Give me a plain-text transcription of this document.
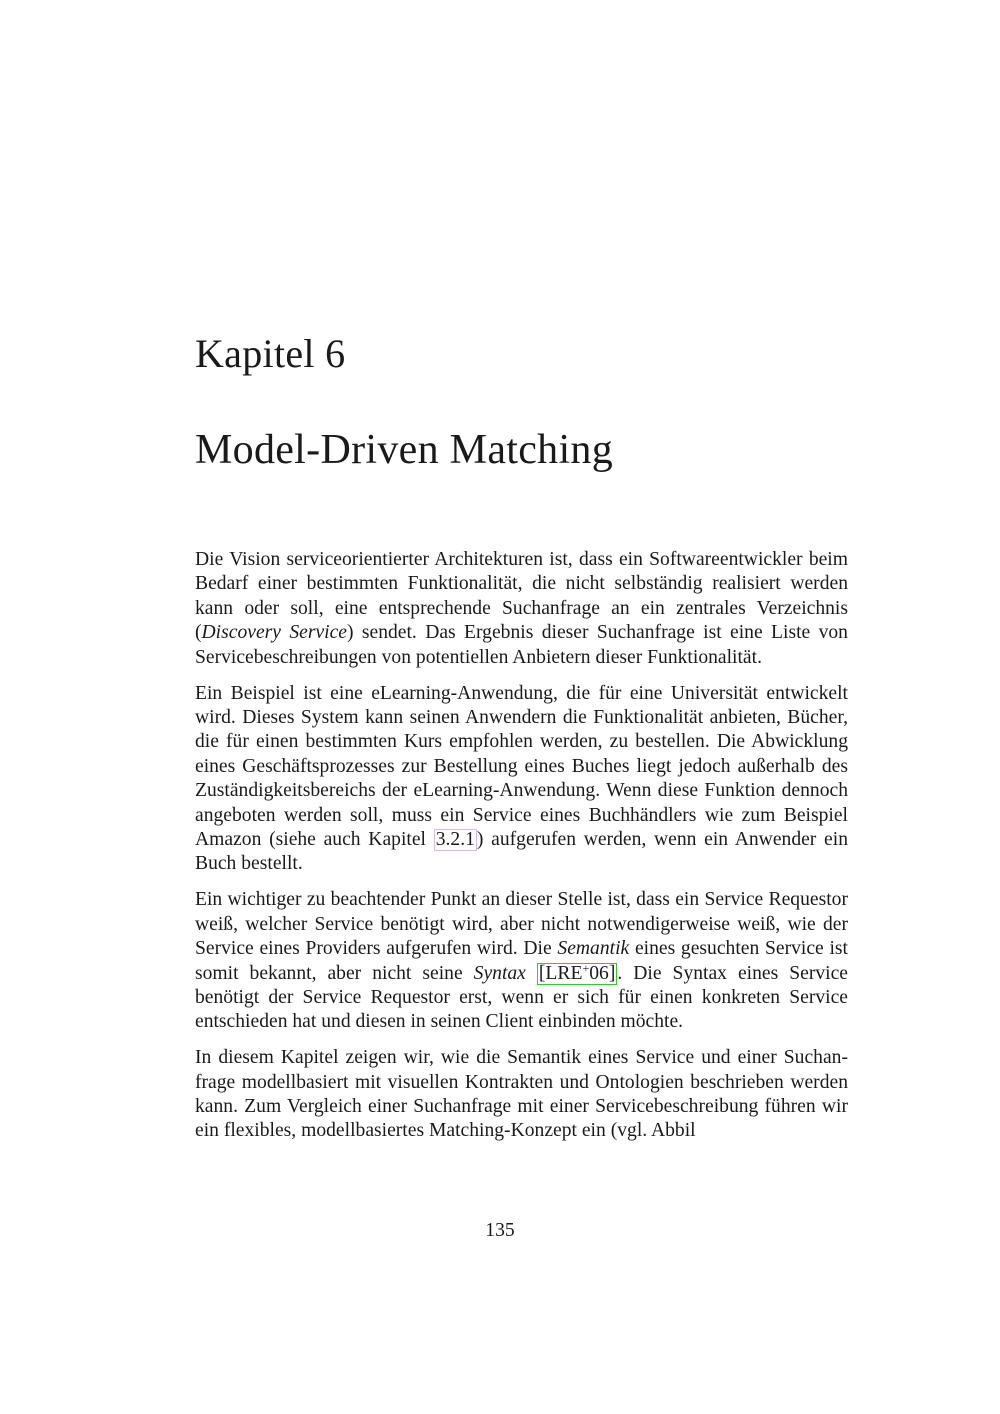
Kapitel 6
Model-Driven Matching

Die Vision serviceorientierter Architekturen ist, dass ein Softwareentwickler beim Bedarf einer bestimmten Funktionalität, die nicht selbständig realisiert werden kann oder soll, eine entsprechende Suchanfrage an ein zentrales Verzeichnis (Discovery Service) sendet. Das Ergebnis dieser Suchanfrage ist eine Liste von Servicebeschreibungen von potentiellen Anbietern dieser Funktionalität.

Ein Beispiel ist eine eLearning-Anwendung, die für eine Universität entwickelt wird. Dieses System kann seinen Anwendern die Funktionalität anbieten, Bücher, die für einen bestimmten Kurs empfohlen werden, zu bestellen. Die Abwicklung eines Geschäftsprozesses zur Bestellung eines Buches liegt jedoch außerhalb des Zuständigkeitsbereichs der eLearning-Anwendung. Wenn diese Funktion dennoch angeboten werden soll, muss ein Service eines Buchhändlers wie zum Beispiel Amazon (siehe auch Kapitel 3.2.1 ) aufgerufen werden, wenn ein Anwender ein Buch bestellt.

Ein wichtiger zu beachtender Punkt an dieser Stelle ist, dass ein Service Requestor weiß, welcher Service benötigt wird, aber nicht notwendigerweise weiß, wie der Service eines Providers aufgerufen wird. Die Semantik eines gesuchten Service ist somit bekannt, aber nicht seine Syntax [LRE+06] . Die Syntax eines Service benötigt der Service Requestor erst, wenn er sich für einen konkreten Service entschieden hat und diesen in seinen Client einbinden möchte.

In diesem Kapitel zeigen wir, wie die Semantik eines Service und einer Suchanfrage modellbasiert mit visuellen Kontrakten und Ontologien beschrieben werden kann. Zum Vergleich einer Suchanfrage mit einer Servicebeschreibung führen wir ein flexibles, modellbasiertes Matching-Konzept ein (vgl. Abbil

135
